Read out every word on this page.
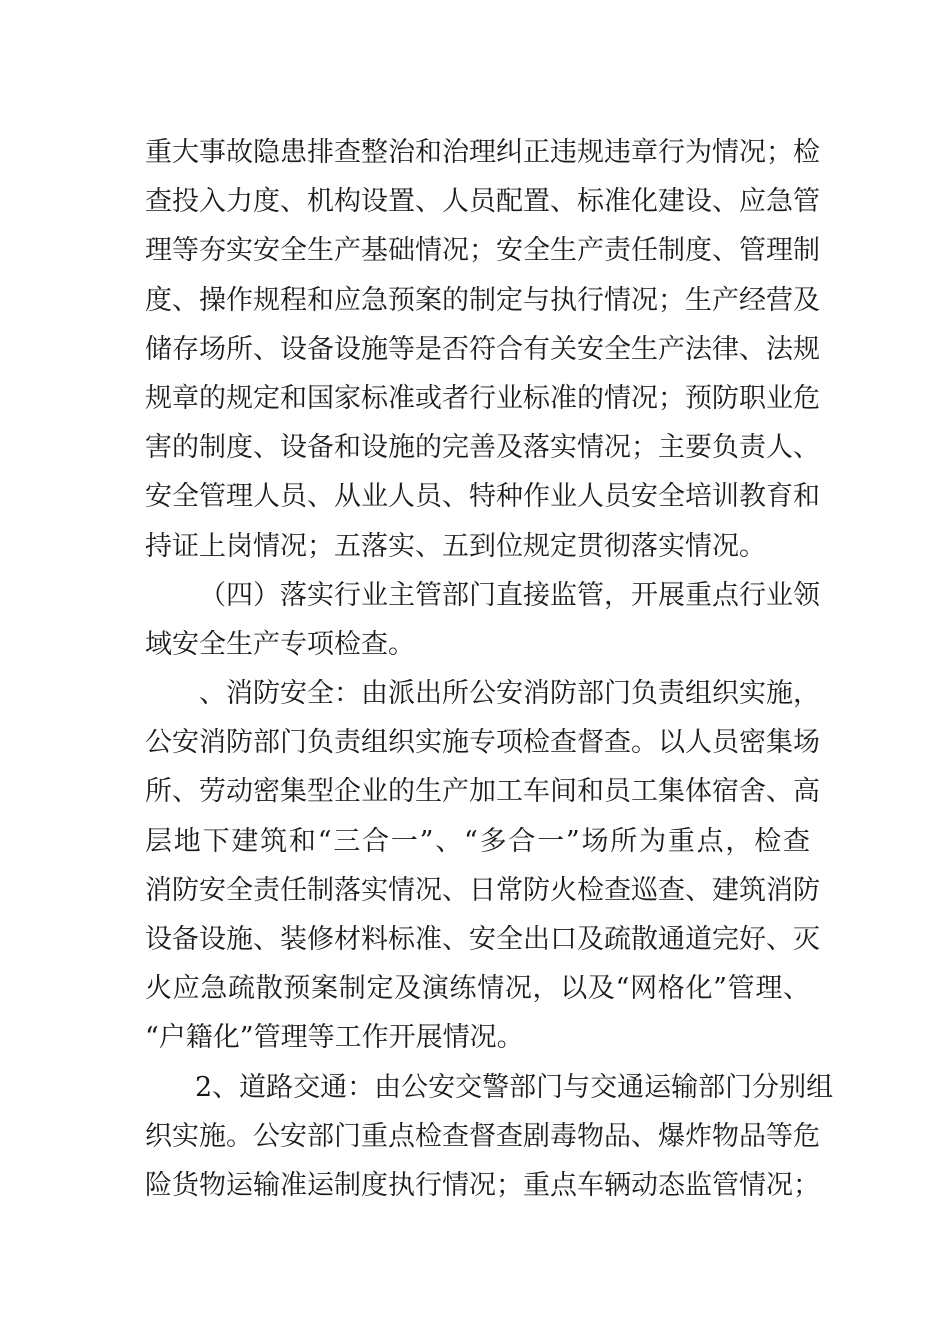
重大事故隐患排查整治和治理纠正违规违章行为情况；检
查投入力度、机构设置、人员配置、标准化建设、应急管
理等夯实安全生产基础情况；安全生产责任制度、管理制
度、操作规程和应急预案的制定与执行情况；生产经营及
储存场所、设备设施等是否符合有关安全生产法律、法规
规章的规定和国家标准或者行业标准的情况；预防职业危
害的制度、设备和设施的完善及落实情况；主要负责人、
安全管理人员、从业人员、特种作业人员安全培训教育和
持证上岗情况；五落实、五到位规定贯彻落实情况。
（四）落实行业主管部门直接监管，开展重点行业领
域安全生产专项检查。
、消防安全：由派出所公安消防部门负责组织实施，
公安消防部门负责组织实施专项检查督查。以人员密集场
所、劳动密集型企业的生产加工车间和员工集体宿舍、高
层地下建筑和“三合一”、“多合一”场所为重点，检查
消防安全责任制落实情况、日常防火检查巡查、建筑消防
设备设施、装修材料标准、安全出口及疏散通道完好、灭
火应急疏散预案制定及演练情况，以及“网格化”管理、
“户籍化”管理等工作开展情况。
2、道路交通：由公安交警部门与交通运输部门分别组
织实施。公安部门重点检查督查剧毒物品、爆炸物品等危
险货物运输准运制度执行情况；重点车辆动态监管情况；
